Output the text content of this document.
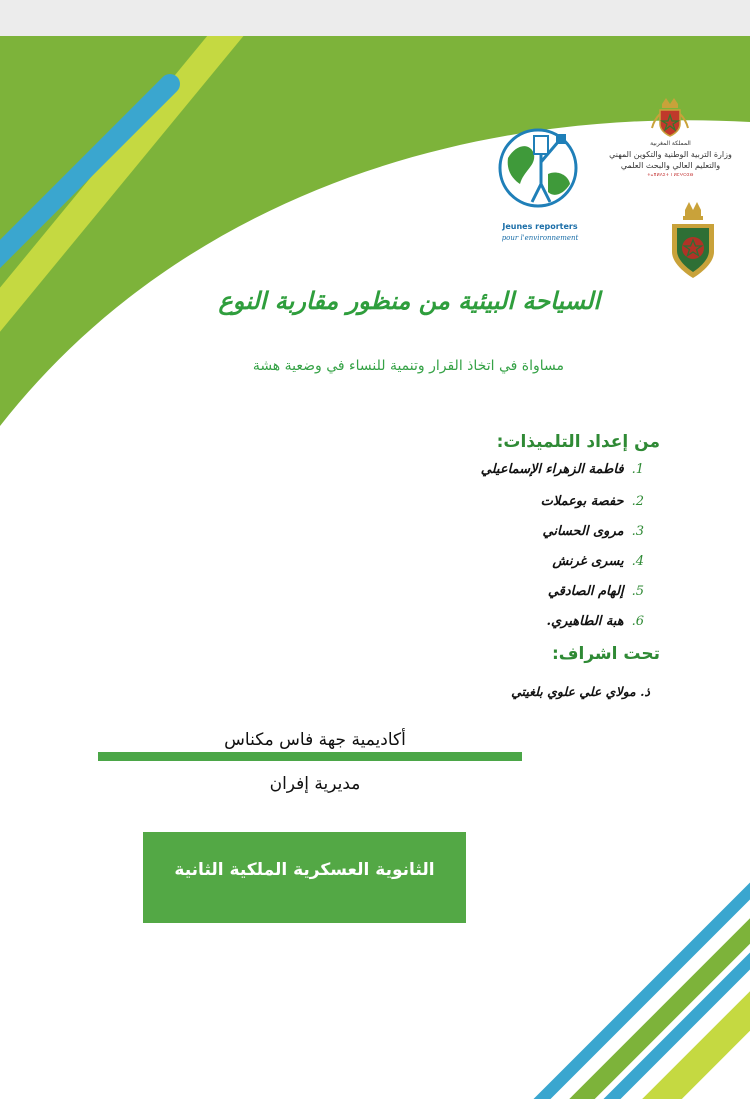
Jeunes reporters
pour l'environnement
المملكة المغربية
وزارة التربية الوطنية والتكوين المهني
والتعليم العالي والبحث العلمي
ⵜⴰⴳⵍⴷⵉⵜ ⵏ ⵍⵎⵖⵔⵉⴱ
السياحة البيئية من منظور مقاربة النوع
مساواة في اتخاذ القرار وتنمية للنساء في وضعية هشة
من إعداد التلميذات:
1.فاطمة الزهراء الإسماعيلي
2.حفصة بوعملات
3.مروى الحساني
4.يسرى غرنش
5.إلهام الصادقي
6.هبة الطاهيري.
تحت اشراف:
ذ. مولاي علي علوي بلغيتي
أكاديمية جهة فاس مكناس
مديرية إفران
الثانوية العسكرية الملكية الثانية
